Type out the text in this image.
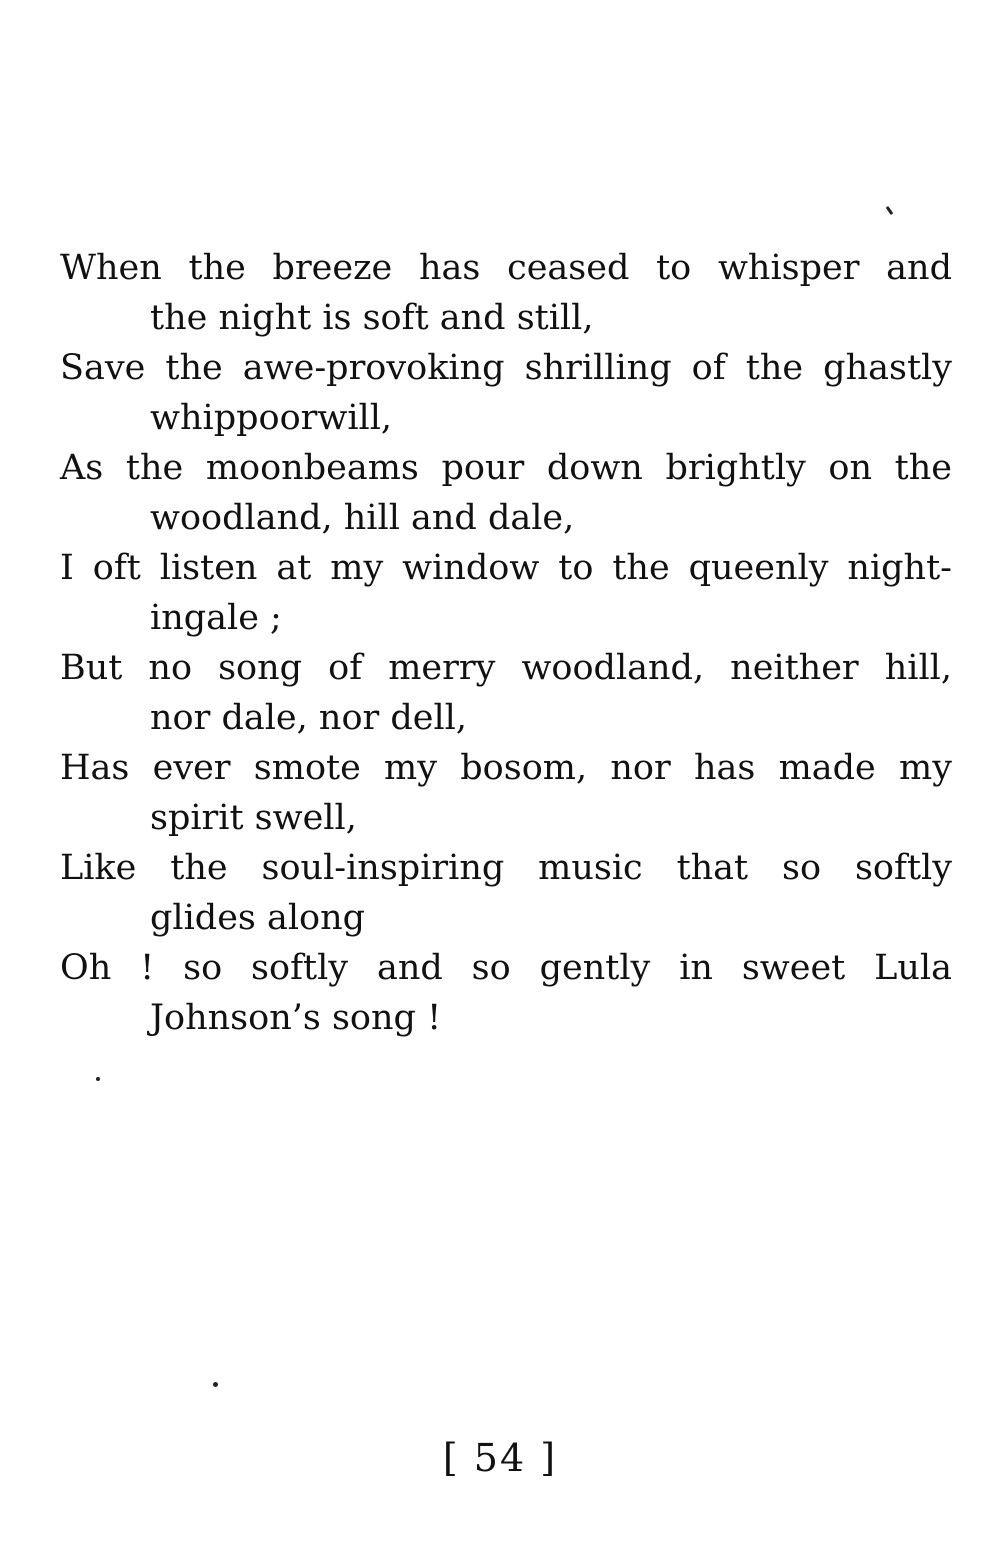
When the breeze has ceased to whisper and
the night is soft and still,
Save the awe-provoking shrilling of the ghastly
whippoorwill,
As the moonbeams pour down brightly on the
woodland, hill and dale,
I oft listen at my window to the queenly night-
ingale ;
But no song of merry woodland, neither hill,
nor dale, nor dell,
Has ever smote my bosom, nor has made my
spirit swell,
Like the soul-inspiring music that so softly
glides along
Oh ! so softly and so gently in sweet Lula
Johnson’s song !
[ 54 ]
